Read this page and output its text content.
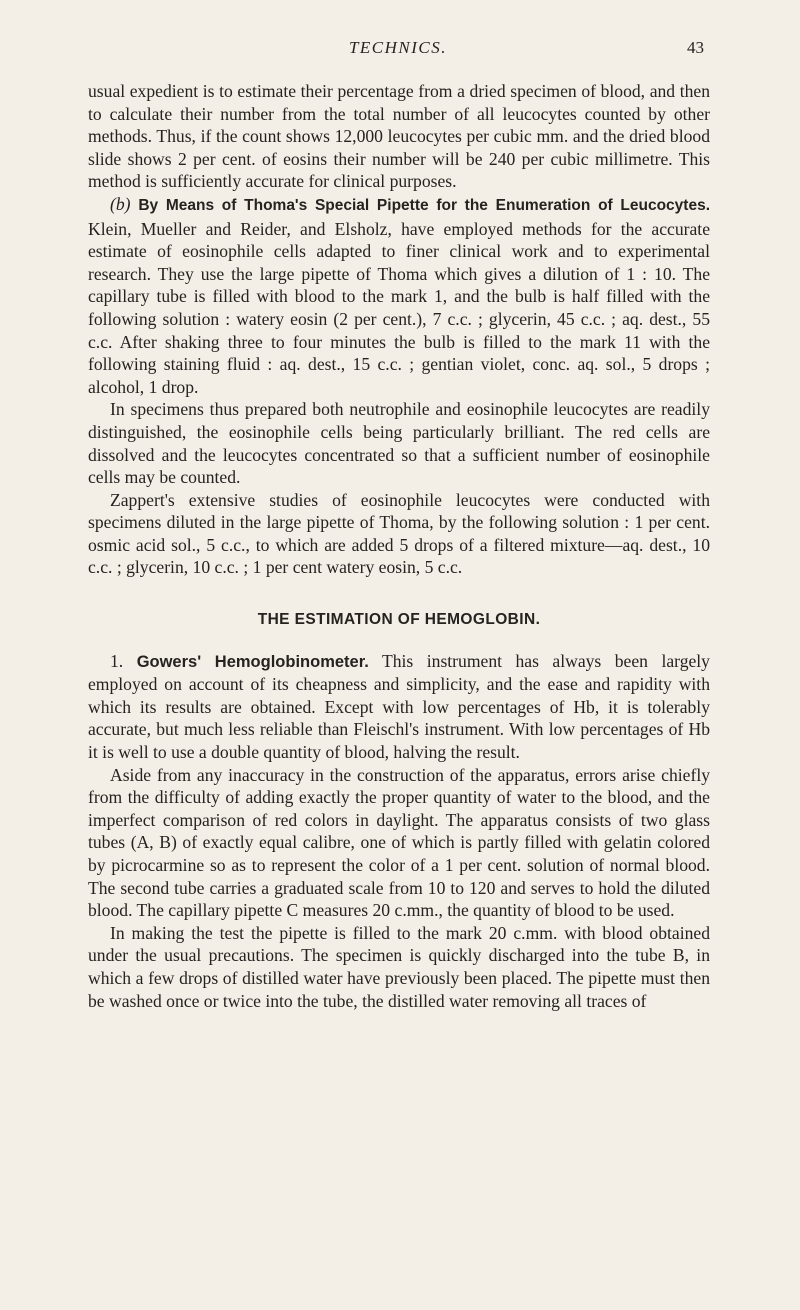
TECHNICS.	43

usual expedient is to estimate their percentage from a dried specimen of blood, and then to calculate their number from the total number of all leucocytes counted by other methods. Thus, if the count shows 12,000 leucocytes per cubic mm. and the dried blood slide shows 2 per cent. of eosins their number will be 240 per cubic millimetre. This method is sufficiently accurate for clinical purposes.

(b) By Means of Thoma's Special Pipette for the Enumeration of Leucocytes. Klein, Mueller and Reider, and Elsholz, have employed methods for the accurate estimate of eosinophile cells adapted to finer clinical work and to experimental research. They use the large pipette of Thoma which gives a dilution of 1 : 10. The capillary tube is filled with blood to the mark 1, and the bulb is half filled with the following solution : watery eosin (2 per cent.), 7 c.c. ; glycerin, 45 c.c. ; aq. dest., 55 c.c. After shaking three to four minutes the bulb is filled to the mark 11 with the following staining fluid : aq. dest., 15 c.c. ; gentian violet, conc. aq. sol., 5 drops ; alcohol, 1 drop.

In specimens thus prepared both neutrophile and eosinophile leucocytes are readily distinguished, the eosinophile cells being particularly brilliant. The red cells are dissolved and the leucocytes concentrated so that a sufficient number of eosinophile cells may be counted.

Zappert's extensive studies of eosinophile leucocytes were conducted with specimens diluted in the large pipette of Thoma, by the following solution : 1 per cent. osmic acid sol., 5 c.c., to which are added 5 drops of a filtered mixture—aq. dest., 10 c.c. ; glycerin, 10 c.c. ; 1 per cent watery eosin, 5 c.c.

THE ESTIMATION OF HEMOGLOBIN.

1. Gowers' Hemoglobinometer. This instrument has always been largely employed on account of its cheapness and simplicity, and the ease and rapidity with which its results are obtained. Except with low percentages of Hb, it is tolerably accurate, but much less reliable than Fleischl's instrument. With low percentages of Hb it is well to use a double quantity of blood, halving the result.

Aside from any inaccuracy in the construction of the apparatus, errors arise chiefly from the difficulty of adding exactly the proper quantity of water to the blood, and the imperfect comparison of red colors in daylight. The apparatus consists of two glass tubes (A, B) of exactly equal calibre, one of which is partly filled with gelatin colored by picrocarmine so as to represent the color of a 1 per cent. solution of normal blood. The second tube carries a graduated scale from 10 to 120 and serves to hold the diluted blood. The capillary pipette C measures 20 c.mm., the quantity of blood to be used.

In making the test the pipette is filled to the mark 20 c.mm. with blood obtained under the usual precautions. The specimen is quickly discharged into the tube B, in which a few drops of distilled water have previously been placed. The pipette must then be washed once or twice into the tube, the distilled water removing all traces of
